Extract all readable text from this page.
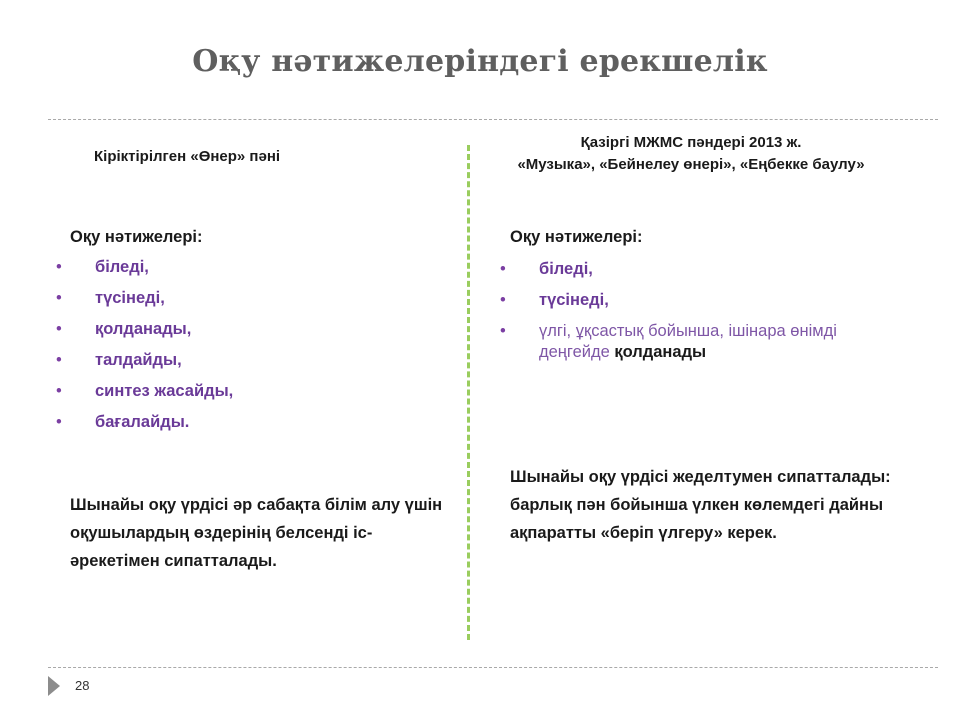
Оқу нәтижелеріндегі ерекшелік
Кіріктірілген «Өнер» пәні
Оқу нәтижелері:
• біледі,
• түсінеді,
• қолданады,
• талдайды,
• синтез жасайды,
• бағалайды.
Шынайы оқу үрдісі әр сабақта білім алу үшін оқушылардың өздерінің белсенді іс-әрекетімен сипатталады.
Қазіргі МЖМС пәндері 2013 ж.
«Музыка», «Бейнелеу өнері», «Еңбекке баулу»
Оқу нәтижелері:
• біледі,
• түсінеді,
• үлгі, ұқсастық бойынша, ішінара өнімді деңгейде қолданады
Шынайы оқу үрдісі жеделтумен сипатталады: барлық пән бойынша үлкен көлемдегі дайны ақпаратты «беріп үлгеру» керек.
28
